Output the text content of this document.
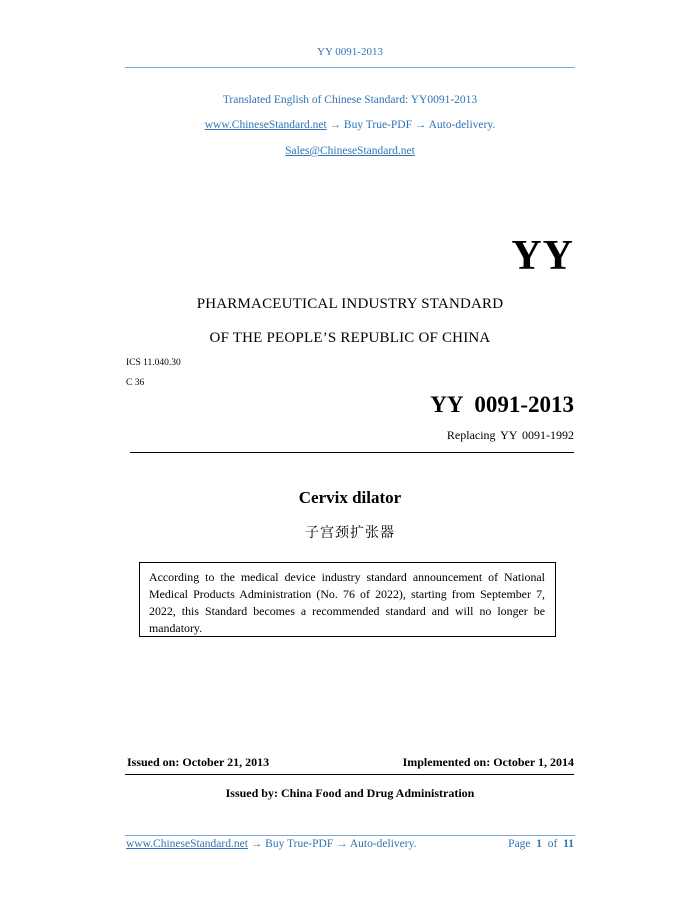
YY 0091-2013
Translated English of Chinese Standard: YY0091-2013
www.ChineseStandard.net → Buy True-PDF → Auto-delivery.
Sales@ChineseStandard.net
YY
PHARMACEUTICAL INDUSTRY STANDARD
OF THE PEOPLE’S REPUBLIC OF CHINA
ICS 11.040.30
C 36
YY 0091-2013
Replacing YY 0091-1992
Cervix dilator
子宫颈扩张器
According to the medical device industry standard announcement of National Medical Products Administration (No. 76 of 2022), starting from September 7, 2022, this Standard becomes a recommended standard and will no longer be mandatory.
Issued on: October 21, 2013	Implemented on: October 1, 2014
Issued by: China Food and Drug Administration
www.ChineseStandard.net → Buy True-PDF → Auto-delivery.	Page 1 of 11
